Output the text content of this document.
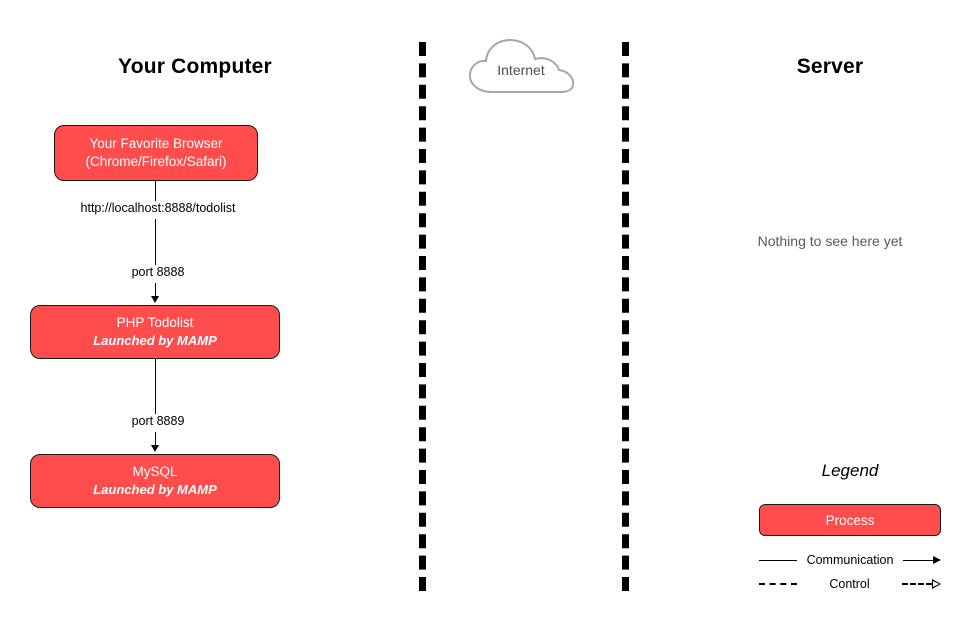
Your Computer	Server
Internet
Your Favorite Browser
(Chrome/Firefox/Safari)
http://localhost:8888/todolist
port 8888
PHP Todolist
Launched by MAMP
port 8889
MySQL
Launched by MAMP
Nothing to see here yet
Legend
Process
Communication
Control
